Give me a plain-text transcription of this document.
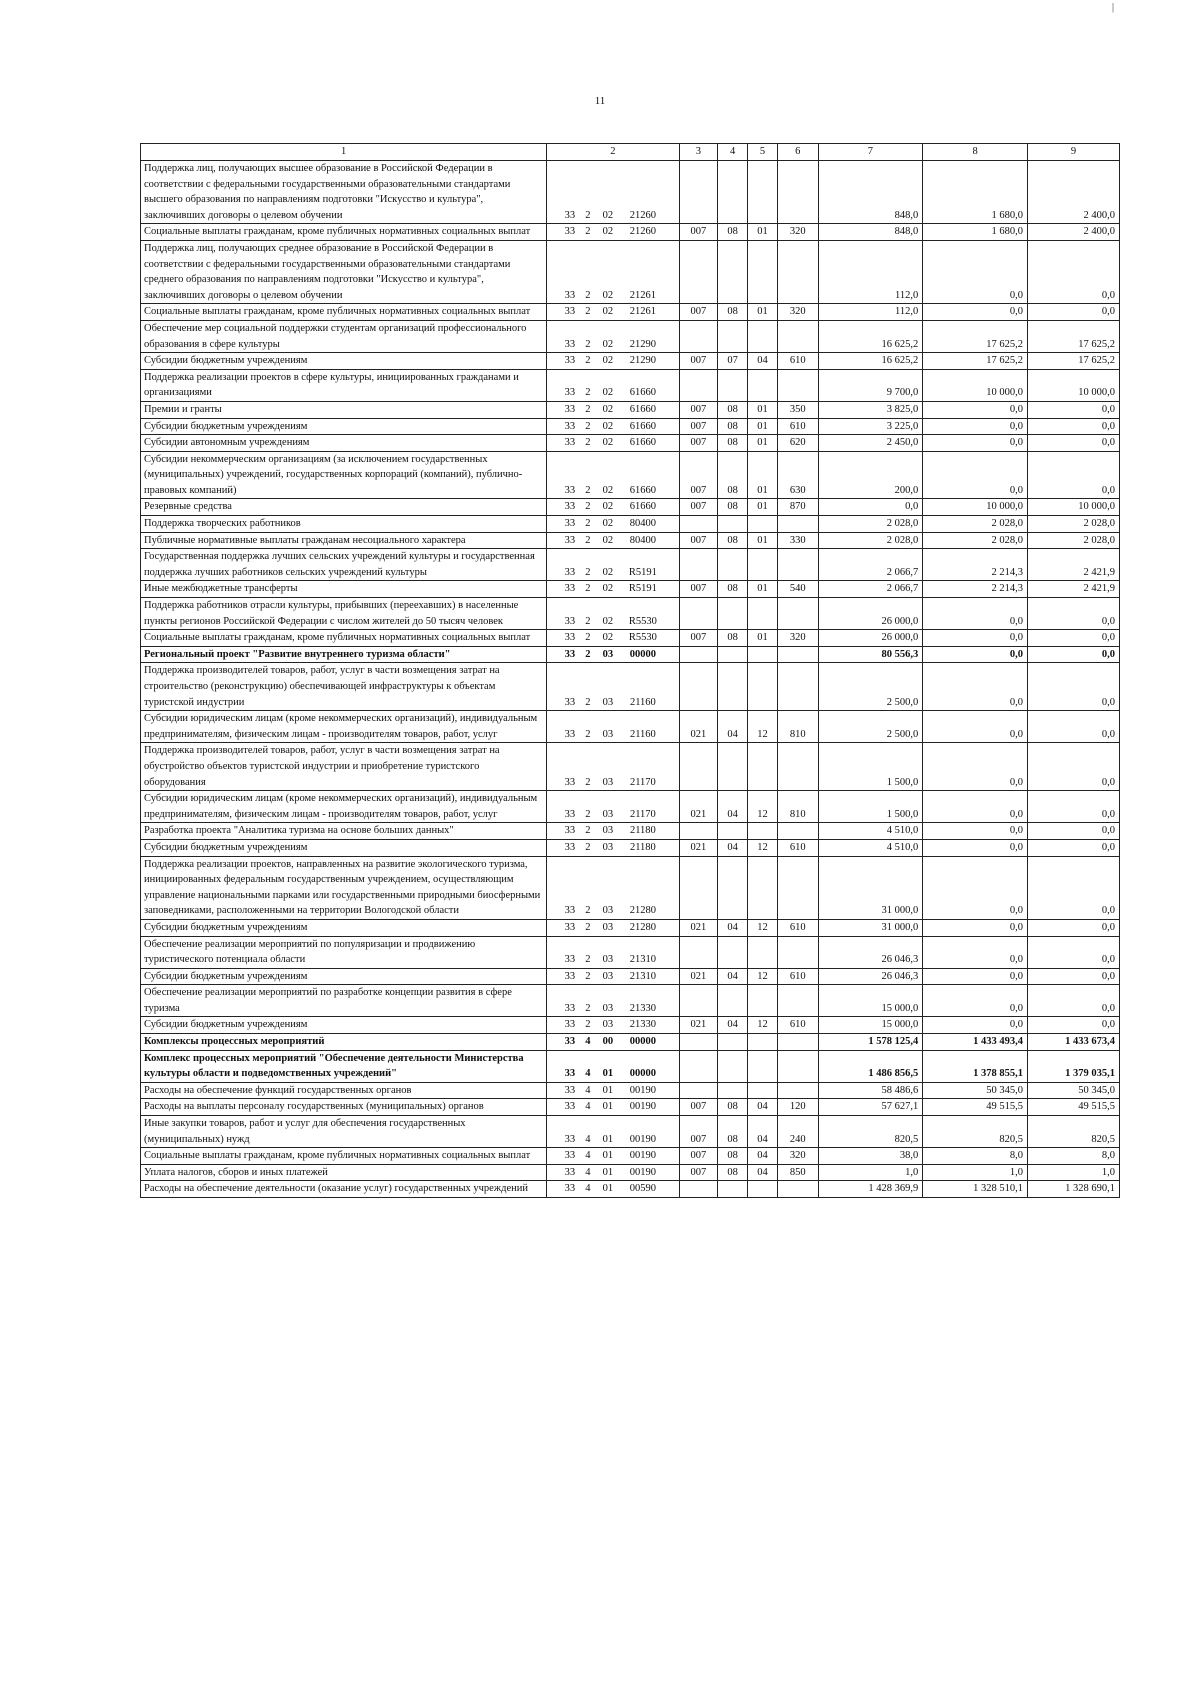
11
|
1	2	3	4	5	6	7	8	9
Поддержка лиц, получающих высшее образование в Российской Федерации в соответствии с федеральными государственными образовательными стандартами высшего образования по направлениям подготовки "Искусство и культура", заключивших договоры о целевом обучении	33 2 02 21260					848,0	1 680,0	2 400,0
Социальные выплаты гражданам, кроме публичных нормативных социальных выплат	33 2 02 21260	007	08	01	320	848,0	1 680,0	2 400,0
Поддержка лиц, получающих среднее образование в Российской Федерации в соответствии с федеральными государственными образовательными стандартами среднего образования по направлениям подготовки "Искусство и культура", заключивших договоры о целевом обучении	33 2 02 21261					112,0	0,0	0,0
Социальные выплаты гражданам, кроме публичных нормативных социальных выплат	33 2 02 21261	007	08	01	320	112,0	0,0	0,0
Обеспечение мер социальной поддержки студентам организаций профессионального образования в сфере культуры	33 2 02 21290					16 625,2	17 625,2	17 625,2
Субсидии бюджетным учреждениям	33 2 02 21290	007	07	04	610	16 625,2	17 625,2	17 625,2
Поддержка реализации проектов в сфере культуры, инициированных гражданами и организациями	33 2 02 61660					9 700,0	10 000,0	10 000,0
Премии и гранты	33 2 02 61660	007	08	01	350	3 825,0	0,0	0,0
Субсидии бюджетным учреждениям	33 2 02 61660	007	08	01	610	3 225,0	0,0	0,0
Субсидии автономным учреждениям	33 2 02 61660	007	08	01	620	2 450,0	0,0	0,0
Субсидии некоммерческим организациям (за исключением государственных (муниципальных) учреждений, государственных корпораций (компаний), публично-правовых компаний)	33 2 02 61660	007	08	01	630	200,0	0,0	0,0
Резервные средства	33 2 02 61660	007	08	01	870	0,0	10 000,0	10 000,0
Поддержка творческих работников	33 2 02 80400					2 028,0	2 028,0	2 028,0
Публичные нормативные выплаты гражданам несоциального характера	33 2 02 80400	007	08	01	330	2 028,0	2 028,0	2 028,0
Государственная поддержка лучших сельских учреждений культуры и государственная поддержка лучших работников сельских учреждений культуры	33 2 02 R5191					2 066,7	2 214,3	2 421,9
Иные межбюджетные трансферты	33 2 02 R5191	007	08	01	540	2 066,7	2 214,3	2 421,9
Поддержка работников отрасли культуры, прибывших (переехавших) в населенные пункты регионов Российской Федерации с числом жителей до 50 тысяч человек	33 2 02 R5530					26 000,0	0,0	0,0
Социальные выплаты гражданам, кроме публичных нормативных социальных выплат	33 2 02 R5530	007	08	01	320	26 000,0	0,0	0,0
Региональный проект "Развитие внутреннего туризма области"	33 2 03 00000					80 556,3	0,0	0,0
Поддержка производителей товаров, работ, услуг в части возмещения затрат на строительство (реконструкцию) обеспечивающей инфраструктуры к объектам туристской индустрии	33 2 03 21160					2 500,0	0,0	0,0
Субсидии юридическим лицам (кроме некоммерческих организаций), индивидуальным предпринимателям, физическим лицам - производителям товаров, работ, услуг	33 2 03 21160	021	04	12	810	2 500,0	0,0	0,0
Поддержка производителей товаров, работ, услуг в части возмещения затрат на обустройство объектов туристской индустрии и приобретение туристского оборудования	33 2 03 21170					1 500,0	0,0	0,0
Субсидии юридическим лицам (кроме некоммерческих организаций), индивидуальным предпринимателям, физическим лицам - производителям товаров, работ, услуг	33 2 03 21170	021	04	12	810	1 500,0	0,0	0,0
Разработка проекта "Аналитика туризма на основе больших данных"	33 2 03 21180					4 510,0	0,0	0,0
Субсидии бюджетным учреждениям	33 2 03 21180	021	04	12	610	4 510,0	0,0	0,0
Поддержка реализации проектов, направленных на развитие экологического туризма, инициированных федеральным государственным учреждением, осуществляющим управление национальными парками или государственными природными биосферными заповедниками, расположенными на территории Вологодской области	33 2 03 21280					31 000,0	0,0	0,0
Субсидии бюджетным учреждениям	33 2 03 21280	021	04	12	610	31 000,0	0,0	0,0
Обеспечение реализации мероприятий по популяризации и продвижению туристического потенциала области	33 2 03 21310					26 046,3	0,0	0,0
Субсидии бюджетным учреждениям	33 2 03 21310	021	04	12	610	26 046,3	0,0	0,0
Обеспечение реализации мероприятий по разработке концепции развития в сфере туризма	33 2 03 21330					15 000,0	0,0	0,0
Субсидии бюджетным учреждениям	33 2 03 21330	021	04	12	610	15 000,0	0,0	0,0
Комплексы процессных мероприятий	33 4 00 00000					1 578 125,4	1 433 493,4	1 433 673,4
Комплекс процессных мероприятий "Обеспечение деятельности Министерства культуры области и подведомственных учреждений"	33 4 01 00000					1 486 856,5	1 378 855,1	1 379 035,1
Расходы на обеспечение функций государственных органов	33 4 01 00190					58 486,6	50 345,0	50 345,0
Расходы на выплаты персоналу государственных (муниципальных) органов	33 4 01 00190	007	08	04	120	57 627,1	49 515,5	49 515,5
Иные закупки товаров, работ и услуг для обеспечения государственных (муниципальных) нужд	33 4 01 00190	007	08	04	240	820,5	820,5	820,5
Социальные выплаты гражданам, кроме публичных нормативных социальных выплат	33 4 01 00190	007	08	04	320	38,0	8,0	8,0
Уплата налогов, сборов и иных платежей	33 4 01 00190	007	08	04	850	1,0	1,0	1,0
Расходы на обеспечение деятельности (оказание услуг) государственных учреждений	33 4 01 00590					1 428 369,9	1 328 510,1	1 328 690,1
